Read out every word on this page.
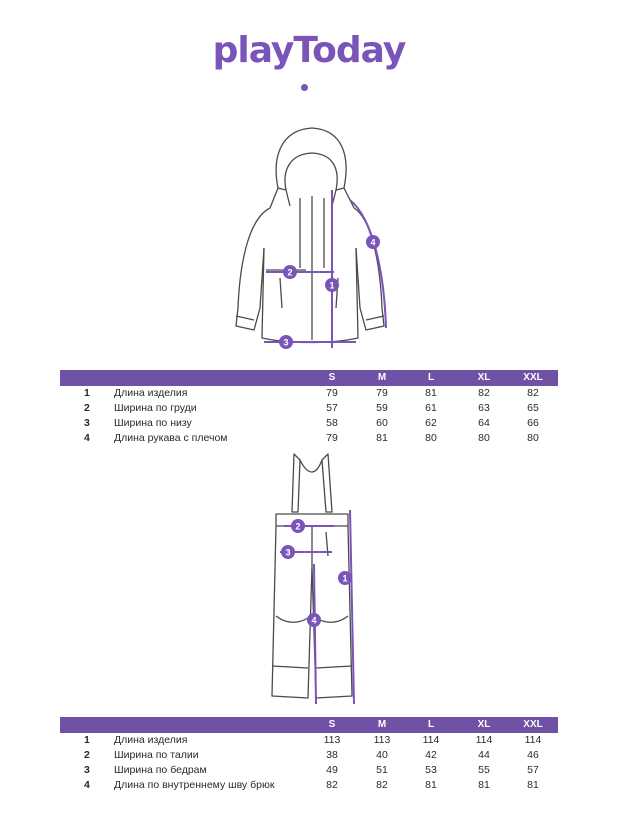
playToday
1
2
3
4
S	M	L	XL	XXL
1 Длина изделия	79	79	81	82	82
2 Ширина по груди	57	59	61	63	65
3 Ширина по низу	58	60	62	64	66
4 Длина рукава с плечом	79	81	80	80	80
1
2
3
4
S	M	L	XL	XXL
1 Длина изделия	113	113	114	114	114
2 Ширина по талии	38	40	42	44	46
3 Ширина по бедрам	49	51	53	55	57
4 Длина по внутреннему шву брюк	82	82	81	81	81
